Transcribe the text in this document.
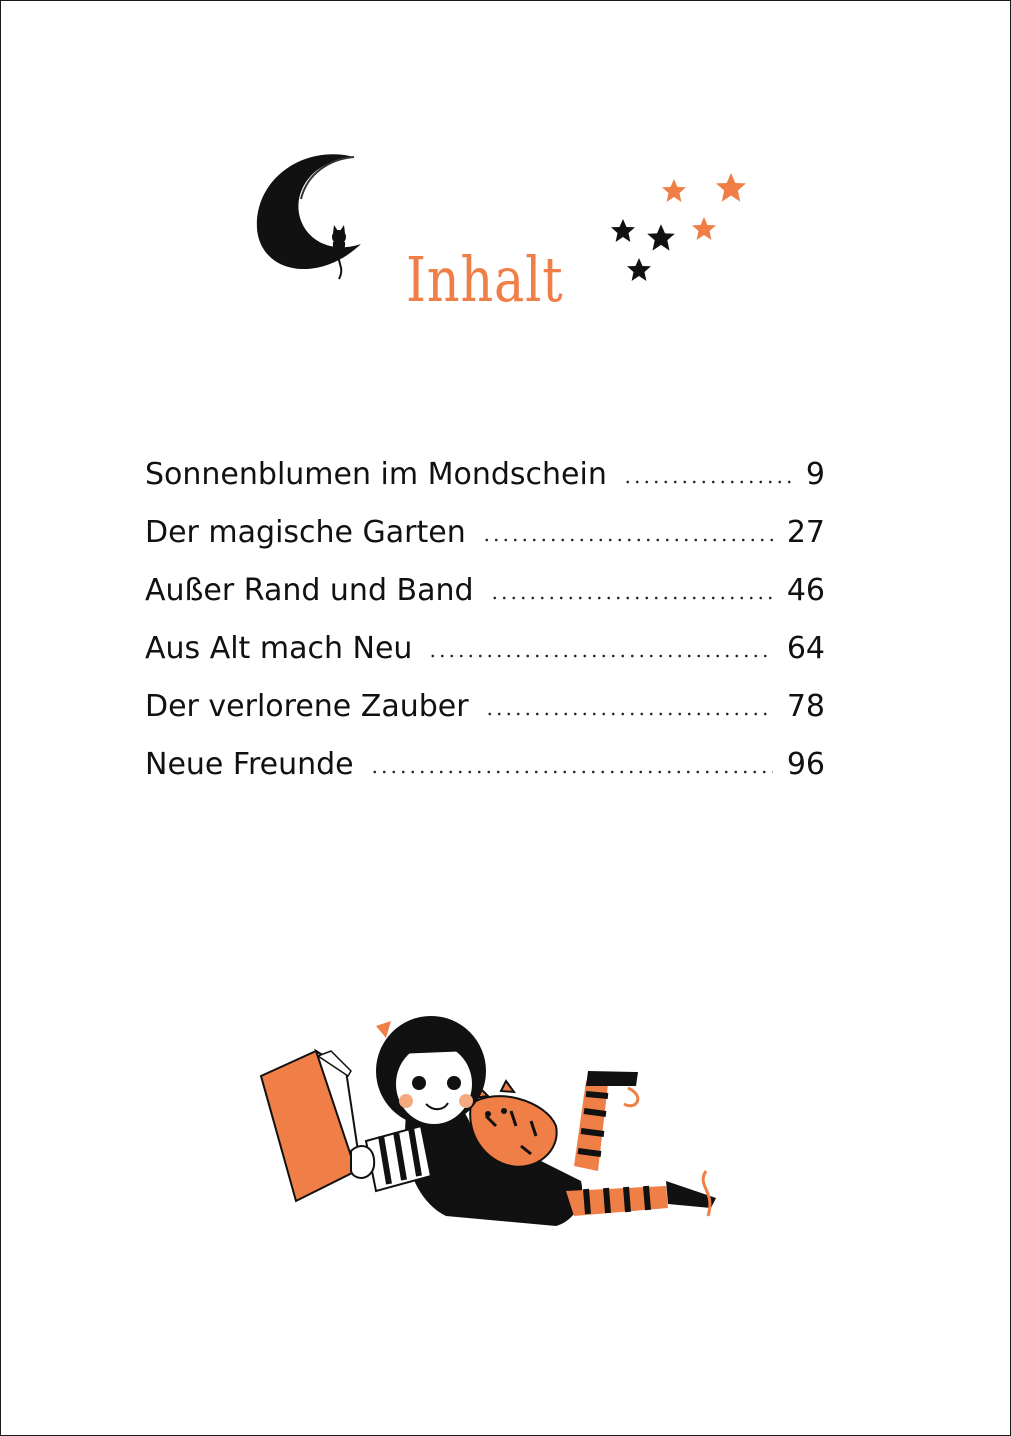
Inhalt
Sonnenblumen im Mondschein	9
Der magische Garten	27
Außer Rand und Band	46
Aus Alt mach Neu	64
Der verlorene Zauber	78
Neue Freunde	96
